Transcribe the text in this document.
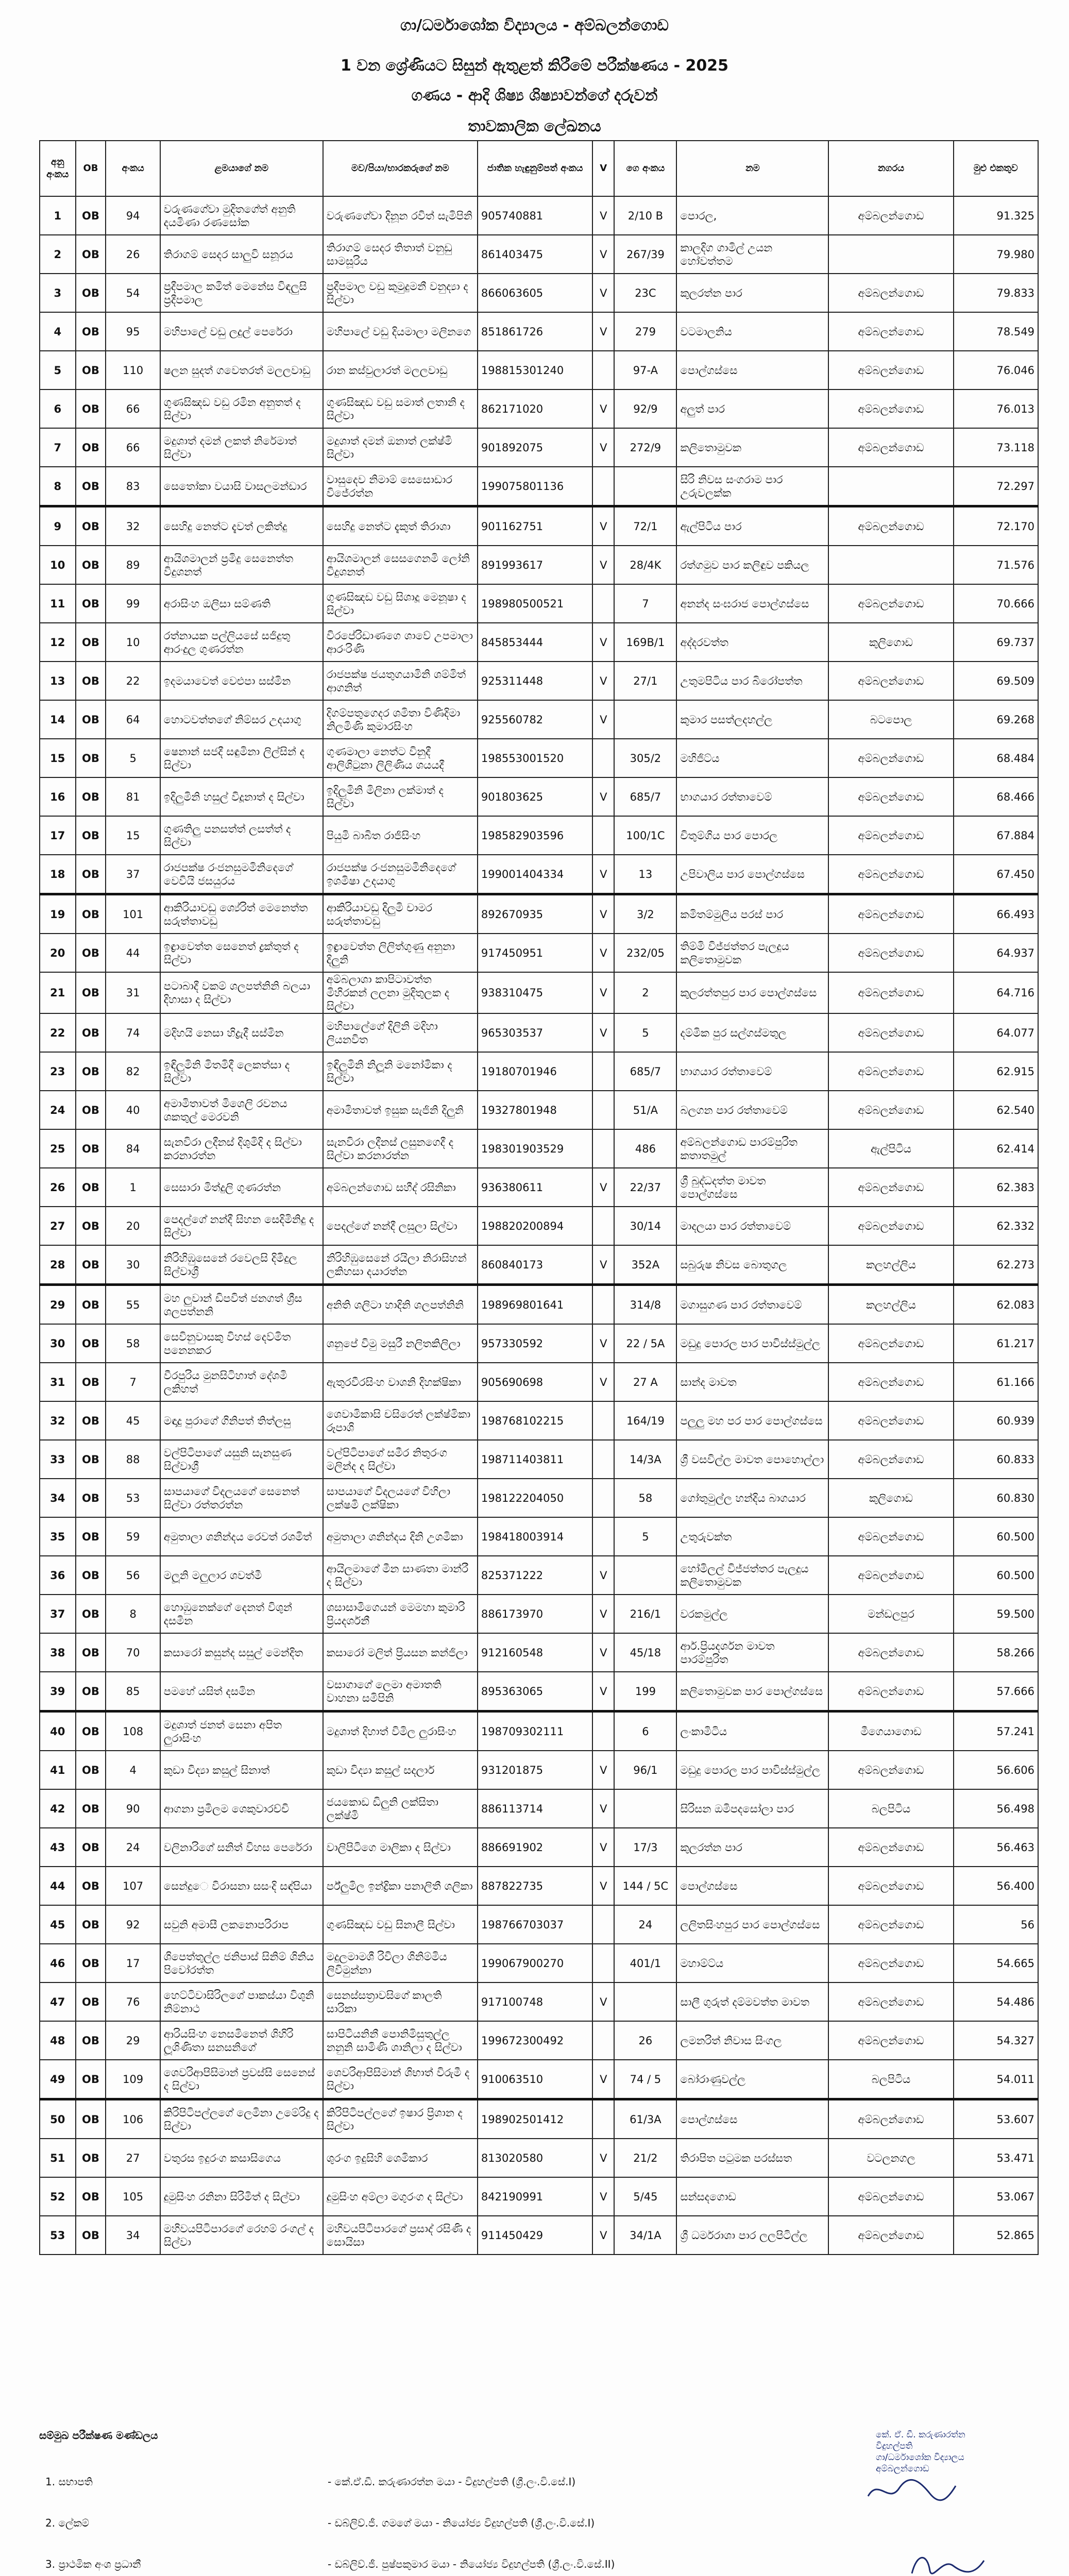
ගා/ධර්මාශෝක විද්‍යාලය - අම්බලන්ගොඩ
1 වන ශ්‍රේණියට සිසුන් ඇතුළත් කිරීමේ පරීක්ෂණය - 2025
ගණය - ආදි ශිෂ්‍ය ශිෂ්‍යාවන්ගේ දරුවන්
තාවකාලික ලේඛනය
අනු අංකය	OB	අංකය	ළමයාගේ නම	මව/පියා/භාරකරුගේ නම	ජාතික හැඳුනුම්පත් අංකය	V	ගෙ අංකය	නම	නගරය	මුළු එකතුව
1	OB	94	වරුණගේවා මුදිතගේත් අනුති දයමිණා රණසෝක	වරුණගේවා දිනූන රවිත් සැමිපිනි	905740881	V	2/10 B	පොරල,	අම්බලන්ගොඩ	91.325
2	OB	26	තිරාගම් සෙදර සාලුවි සනූරය	තිරාගම් සෙදර තිතාත් වනුඩු සාමසූරිය	861403475	V	267/39	කාලදිග ගාමිල් උයන හෝවත්තම		79.980
3	OB	54	ප්‍රදීපමාල කමිත් මෙනේස විඳලුසි ප්‍රදීපමාල	ප්‍රදීපමාල වඩු කුමුදුමනී වනුද්‍යා ද සිල්වා	866063605	V	23C	කුලරත්න පාර	අම්බලන්ගොඩ	79.833
4	OB	95	මහිපාලේ වඩු ලදුල් පෙරේරා	මහිපාලේ වඩු දියමාලා මලිනගෙ	851861726	V	279	වටමාලනිය	අම්බලන්ගොඩ	78.549
5	OB	110	ෂලන සුදත් ගවෙතරත් මලලවාඩු	රාන කස්වුලාරත් මලලවාඩු	198815301240		97-A	පොල්ගස්සෙ	අම්බලන්ගොඩ	76.046
6	OB	66	ගුණසිඤඩ වඩු රමින අනුතත් ද සිල්වා	ගුණසිඤඩ වඩු සමාත් ලතානි ද සිල්වා	862171020	V	92/9	අලුත් පාර	අම්බලන්ගොඩ	76.013
7	OB	66	මදුශාත් දමන් ලකත් නිරේමාත් සිල්වා	මදුශාත් දමන් ඔනාත් ලක්ෂ්මි සිල්වා	901892075	V	272/9	කලිතොමුවක	අම්බලන්ගොඩ	73.118
8	OB	83	සෙතෝකා වයාසි වාසලමන්ඩාර	වාසුදෙව නිමාම් සෙසොඩාර විජේරත්න	199075801136			සිරි නිවස සංගරාම පාර උරුවලක්ක		72.297
9	OB	32	සෙහිදු නෙත්ට දැවත් ලකිත්දු	සෙහිදු නෙත්ට දැකුත් තිරාශා	901162751	V	72/1	ඇල්පිටිය පාර	අම්බලන්ගොඩ	72.170
10	OB	89	ආයිශමාලන් ප්‍රමිදු සෙනෙත්ත විදුශනත්	ආයිශමාලන් සෙසගෙනමි ලෝනි විදුශනත්	891993617	V	28/4K	රත්ගමුව පාර කලිඳුව පකියල		71.576
11	OB	99	අරාසිංහ ඔලිසා සම්ණති	ගුණසිඤඩ වඩු සිශාදූ මෙනූෂා ද සිල්වා	198980500521		7	අනන්ද සංඝරාජ පොල්ගස්සෙ	අම්බලන්ගොඩ	70.666
12	OB	10	රත්නායක පල්ලියසේ සජිදුතු ආරංදුල ගුණරත්න	විරපේරිඩාණගෙ ශාවේ උපමාලා ආරංරිණි	845853444	V	169B/1	අද්දරවත්ත	කුලිගොඩ	69.737
13	OB	22	ඉදමයාවෙත් වෙළුපා සස්මින	රාජපක්ෂ ජයතුගයාමිනි ශම්මිත් ආගනිත්	925311448	V	27/1	උතුමපිටිය පාර බිරෝපත්ත	අම්බලන්ගොඩ	69.509
14	OB	64	හොටවත්තගේ නිම්සර උදයාගු	දිගම්පතුගෙදර ශමිතා විණිදිමා නිලමිණි කුමාරසිංහ	925560782	V		කුමාර පසත්ලදහල්ල	බටපොල	69.268
15	OB	5	ෂෙනාන් සජදී සඳුමිනා ලිල්සින් ද සිල්වා	ගුණමාලා නෙත්ට විනුදී ආලිශිටුනා ලිලිණිය ශයයදී	198553001520		305/2	මහිජිට්ය	අම්බලන්ගොඩ	68.484
16	OB	81	ඉදිලුමිනි හසුල් විදූනාත් ද සිල්වා	ඉදිලුමිනි මිලිනා ලක්මාත් ද සිල්වා	901803625	V	685/7	භාගයාර රත්තාවෙම්	අම්බලන්ගොඩ	68.466
17	OB	15	ගුණතිලු පනසත්ත් ලසත්ත් ද සිල්වා	පියුමි බාබිත රාජිසිංහ	198582903596		100/1C	චිතුම්ගිය පාර පොරල	අම්බලන්ගොඩ	67.884
18	OB	37	රාජපක්ෂ රංජනසුමමිනිදෙගේ වෙවියි ජසයුරය	රාජපක්ෂ රංජනසුමමිනිදෙගේ ඉශමිෂා උදයාගු	199001404334	V	13	උපිවාලිය පාර පොල්ගස්සෙ	අම්බලන්ගොඩ	67.450
19	OB	101	ආකිරියාවඩු ශ්‍යේරිත් මෙනෙත්ත සරුත්තාවඩු	ආකිරියාවඩු දිලුමි චාමර සරුත්තාවඩු	892670935	V	3/2	කමිතම්මුලිය පරස් පාර	අම්බලන්ගොඩ	66.493
20	OB	44	ඉඳ්‍රාවෙත්ත සෙනෙත් ද්‍රක්තුත් ද සිල්වා	ඉඳ්‍රාවෙත්ත ලිලිත්ගුණු අනුනා දිලුනි	917450951	V	232/05	තිම්මි විජ්ජත්තර පැලදුය කලිතොමුවක	අම්බලන්ගොඩ	64.937
21	OB	31	පටාබාදී වකම් ශලපත්නිනි බලයා දිහාසා ද සිල්වා	අම්බලාශා කාපිටාවත්ත මිහිරකන් ලලනා මුදිතුලක ද සිල්වා	938310475	V	2	කුලරත්තපුර පාර පොල්ගස්සෙ	අම්බලන්ගොඩ	64.716
22	OB	74	මදිහයි නෙසා හිද්‍රැදී සස්මින	මහිපාලේගේ දිලිනි මදිහා ලියනවිත	965303537	V	5	දම්මික පුර සල්ගස්මතුල	අම්බලන්ගොඩ	64.077
23	OB	82	ඉඳිලුමිනි මිතමිදී ලෙකත්සා ද සිල්වා	ඉඳිලුමිනි නිලූනි මනෝමිකා ද සිල්වා	19180701946		685/7	භාගයාර රත්තාවෙම්	අම්බලන්ගොඩ	62.915
24	OB	40	අමාමිතාවත් මිශෙලි රවනය ශකතුල් මෙරවනි	අමාමිතාවත් ඉසුක සැජිනි දිලුනි	19327801948		51/A	බලගන පාර රත්තාවෙම්	අම්බලන්ගොඩ	62.540
25	OB	84	සැනවිරා ලදීනස් දිශුමිදි ද සිල්වා කරනාරත්න	සැනවිරා ලදීනස් ලසුනගෙදී ද සිල්වා කරනාරත්න	198301903529		486	අම්බලන්ගොඩ පාරම්පුරිත කතාතමුල්	ඇල්පිටිය	62.414
26	OB	1	සෙසාරා මිත්දුලි ගුණරත්න	අම්බලන්ගොඩ සහීද් රසිනිකා	936380611	V	22/37	ශ්‍රී බුද්ධදත්ත මාවත පොල්ගස්සෙ	අම්බලන්ගොඩ	62.383
27	OB	20	පෙදල්ගේ නන්දී සිහන සෙදිමිනිදු ද සිල්වා	පෙදල්ගේ නන්දී ලසුලා සිල්වා	198820200894		30/14	මාදලයා පාර රත්තාවෙම්	අම්බලන්ගොඩ	62.332
28	OB	30	නිරිහිඹුසෙනේ රවෙලසි දිමිදුල සිල්වාශ්‍රී	නිරිහිඹුසෙනේ රයිලා නිරාසිහන් ලකිහසා දයාරත්න	860840173	V	352A	සබුරුෂ නිවස බොතුගල	කලහල්ලිය	62.273
29	OB	55	මහ ලුවාන් ඩිපවිත් ජනගත් ශ්‍රීස ශලපත්නනි	අනිති ශලිටා හාදිනි ශලපත්නිනි	198969801641		314/8	මගාසුගණ පාර රත්තාවෙම්	කලහල්ලිය	62.083
30	OB	58	සෙවිනුවාසකු විහස් දෙව්මිත පනෙනකර	ශනුපේ විමු මසුරී නලිතකිලිලා	957330592	V	22 / 5A	මඩුදු පොරල පාර පාවිස්ස්මුල්ල	අම්බලන්ගොඩ	61.217
31	OB	7	වීරපුරිය මුනසිටිහාත් දේශමි ලකිහත්	ඇතුරවීරසිංහ වාශනි දිහක්ෂිකා	905690698	V	27 A	සාන්ද මාවත	අම්බලන්ගොඩ	61.166
32	OB	45	මඳාදු පුරාගේ ගිනිපත් තිත්ලසු	ශෙවාමිකාසි චසිරෙත් ලක්ෂ්මිකා රූපාශි	198768102215		164/19	පලුලු මහ පර පාර පොල්ගස්සෙ	අම්බලන්ගොඩ	60.939
33	OB	88	වල්පිටිපාගේ යසුනි සැනසුණ සිල්වාශ්‍රී	වල්පිටිපාගේ සමීර නිතුරංග මලින්ද ද සිල්වා	198711403811		14/3A	ශ්‍රී වසවිල්ල මාවත පොහොල්ලා	අම්බලන්ගොඩ	60.833
34	OB	53	සාපයාගේ විදලයගේ සෙනෙත් සිල්වා රත්තරත්න	සාපයාගේ විදලයගේ විහිලා ලක්ෂමි ලක්ෂිකා	198122204050		58	ගෝතුමුල්ල හන්දිය බාගයාර	කුලිගොඩ	60.830
35	OB	59	අමුතාලා ශනින්දය රෙවත් රශමිත්	අමුතාලා ශනින්දය දිනි උශමිකා	198418003914		5	උතුරුවක්ත	අම්බලන්ගොඩ	60.500
36	OB	56	මලූනි මලුලාර ශවත්මී	ආයිලමාගේ මීන සාණතා මාන්රී ද සිල්වා	825371222	V		හෝමිලල් විජ්ජත්තර පැලදුය කලිතොමුවක	අම්බලන්ගොඩ	60.500
37	OB	8	හොඹුනෙක්ගේ දෙනත් විශුන් දසමින	ශසාසාමිගෙයන් මෙමහා කුමාරි ප්‍රියදර්ශනී	886173970	V	216/1	වරකමුල්ල	මන්ඩලපුර	59.500
38	OB	70	කසාරෝ කසුන්ද සසුල් මෙන්දිත	කසාරෝ මලිත් ප්‍රියසන කන්ජිලා	912160548	V	45/18	ආර්.ප්‍රියදර්ශන මාවත පාරම්පුරිත	අම්බලන්ගොඩ	58.266
39	OB	85	පමහේ යසිත් දසමින	වසාගාගේ ලෙමා අමාතති වාහනා සමිපිනි	895363065	V	199	කලිතොමුවක පාර පොල්ගස්සෙ	අම්බලන්ගොඩ	57.666
40	OB	108	මදුශාත් ජනත් සෙනා අපිත ලුරාසිංහ	මදුශාත් දිහාත් විමිල ලුරාසිංහ	198709302111		6	ලංකාමිටිය	මීගෙයාගොඩ	57.241
41	OB	4	කුඩා විද්‍යා කසුල් සිනාත්	කුඩා විද්‍යා කසුල් සදලාර්	931201875	V	96/1	මඩුදු පොරල පාර පාවිස්ස්මුල්ල	අම්බලන්ගොඩ	56.606
42	OB	90	ආගනා ප්‍රමිලම ශෙකුවාරච්චි	ජයකොඩ ඩිලුනි ලක්සිතා ලක්ෂ්මි	886113714	V		සිරිසන ඔමිපදසෝලා පාර	බලපිටිය	56.498
43	OB	24	වලිනාරිගේ සනිත් විහස පෙරේරා	වාලිපිටිගෙ මාලිකා ද සිල්වා	886691902	V	17/3	කුලරත්න පාර	අම්බලන්ගොඩ	56.463
44	OB	107	සෙන්දුෙ විරාසනා සසංදි සඳ්පියා	ර්ප්ලුමිල ඉන්ද්‍රිකා පනාලිතී ශලිකා	887822735	V	144 / 5C	පොල්ගස්සෙ	අම්බලන්ගොඩ	56.400
45	OB	92	සවුනි අමාසී ලකනොපරිරාප	ගුණසිඤඩ වඩු සිනාලී සිල්වා	198766703037		24	ලලිතසිංහපුර පාර පොල්ගස්සෙ	අම්බලන්ගොඩ	56
46	OB	17	ශිපෙත්තුල්ල ජනිපාස් සිනිම් ශිනිය පිවෝරත්ත	මදුලමාමශී රිවිලා ශිනිම්මිය ලිවිමුන්නා	199067900270		401/1	මහාම්ට්ය	අම්බලන්ගොඩ	54.665
47	OB	76	හෙට්ටිවාසිරිලගේ පාකස්යා විශුනි නිම්නාථ	සෙනස්සත්‍රාවසිගේ කාලති සාරිකා	917100748	V		සාලී ගුරුත් දම්මවත්ත මාවත	අම්බලන්ගොඩ	54.486
48	OB	29	ආරියසිංහ නෙසමිනෙත් ශිහිරි ලූශිණිතා සනසනිගේ	සාපිටියනිනී පොනිමිසුතුල්ල නනුනි සාමිණී ශානිලා ද සිල්වා	199672300492		26	ලමනරිත් නිවාස සිංගල	අම්බලන්ගොඩ	54.327
49	OB	109	ශෙවරිආපිසිමාන් ප්‍රවස්සි සෙනෙස් ද සිල්වා	ශෙවරිආපිසිමාන් ශිභාත් විරුමී ද සිල්වා	910063510	V	74 / 5	බෝරාණුවල්ල	බලපිටිය	54.011
50	OB	106	කිරිපිටිපල්ලගේ ලෙමිනා උමේරිදු ද සිල්වා	කිරිපිටිපල්ලගේ ඉෂාර ප්‍රිශාන ද සිල්වා	198902501412		61/3A	පොල්ගස්සෙ	අම්බලන්ගොඩ	53.607
51	OB	27	වතුරස ඉදුරංග කසාසිගෙය	ශුරංග ඉදුසිහි ශෙමිකාර	813020580	V	21/2	තිරාපිත පටුමක පරස්සත	වටලනගල	53.471
52	OB	105	දුමුසිංහ රනිනා සිරිමිත් ද සිල්වා	දුමුසිංහ අම්ලා මගුරංග ද සිල්වා	842190991	V	5/45	සන්සදගොඩ	අම්බලන්ගොඩ	53.067
53	OB	34	මහිවයපිටිපාරගේ රෙහම් රංගල් ද සිල්වා	මහිවයපිටිපාරගේ ප්‍රසාද් රසිණි ද සොයිසා	911450429	V	34/1A	ශ්‍රී ධර්මරාශා පාර ලලපිටිල්ල	අම්බලන්ගොඩ	52.865
සම්මුඛ පරීක්ෂණ මණ්ඩලය
1. සභාපති	- කේ.ඒ.ඩී. කරුණාරත්න මයා - විදුහල්පති (ශ්‍රී.ලං.වි.සේ.I)
2. ලේකම්	- ඩබ්ලිව්.ජී. ගමගේ මයා - නියෝජ්‍ය විදුහල්පති (ශ්‍රී.ලං.වි.සේ.I)
3. ප්‍රාථමික අංශ ප්‍රධානී	- ඩබ්ලිව්.ජී. පුෂ්පකුමාර මයා - නියෝජ්‍ය විදුහල්පති (ශ්‍රී.ලං.වි.සේ.II)
කේ. ඒ. ඩී. කරුණාරත්න
විදුහල්පති
ගා/ධර්මාශෝක විද්‍යාලය
අම්බලන්ගොඩ
